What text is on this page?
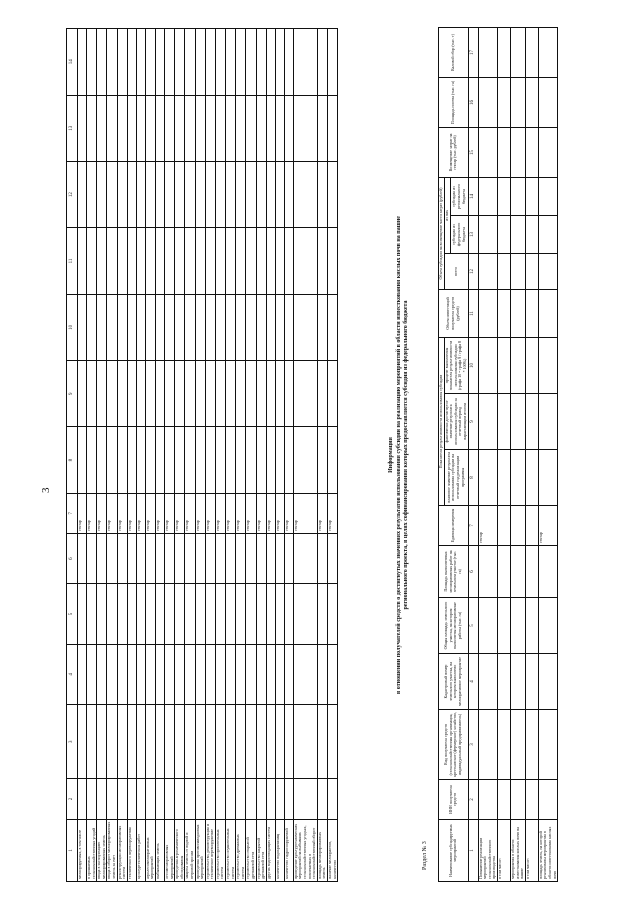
3
1	2	3	4	5	6	7	8	9	10	11	12	13	14
мелиорируемых, в том числе						гектар							
в орошаемых сельскохозяйственных угодий						гектар							
ввода в эксплуатацию мелиорированных земель						гектар							
ввода в оборот мелиорированных земель за счет						гектар							
реконструкции мелиоративных систем						гектар							
технического перевооружения						гектар							
культуртехнических работ						гектар							
агролесомелиоративных мероприятий						гектар							
выбывающих земель						гектар							
лесомелиоративных мероприятий						гектар							
проведения агрохимического обследования						гектар							
защиты земель от водной и ветровой эрозии						гектар							
проведения противопаводковых мероприятий						гектар							
строительство, реконструкция и техническое перевооружение						гектар							
строительство оросительных систем						гектар							
строительство осушительных систем						гектар							
строительство дренажных систем						гектар							
строительство открытой дренажной сети						гектар							
строительство закрытой дренажной сети						гектар							
других водоотводящих систем						гектар							
количество водохранилищ						гектар							
количество гидросооружений						гектар							
проведение культуртехнических мероприятий на выбывших сельскохозяйственных угодьях, вовлекаемых в сельскохозяйственный оборот						гектар							
площадь мелиорированных земель						гектар							
наличие мелиорантов, количество						гектар							
Информация в отношении получателей средств о достигнутых значениях результатов использования субсидии на реализацию мероприятий в области известкования кислых почв на пашне регионального проекта, в целях софинансирования которых предоставляется субсидия из федерального бюджета
Раздел № 3	Наименование субсидируемых мероприятий	ИНН получателя средств	Вид получателя средств (сельскохозяйственная организация, крестьянское (фермерское) хозяйство, индивидуальный предприниматель)	Кадастровый номер земельного участка, на котором выполнено мелиоративное мероприятие	Общая площадь земельного участка, на котором выполнены мелиоративные работы (тыс. га)	Площадь выполненных мелиоративных работ на земельном участке (тыс. га)	Единица измерения	Показатели результативности использования субсидии			Объем инвестиций получателя средств (рублей)	Объем субсидии на возмещение части затрат (рублей)			Возмещение затрат на гектар (тыс. рублей)	Площадь посева (тыс. га)	Валовой сбор (тыс. т)
							плановое значение результата использования субсидии на отчетный год реализации программы	фактически достигнутое значение результата использования субсидии за отчетный период нарастающим итогом	процент выполнения показателя результативности использования субсидии (графа 10 = графа 9 / графа 8 * 100%)		всего	из них				
												субсидия из федерального бюджета	субсидия из регионального бюджета			
1	2	3	4	5	6	7	8	9	10	11	12	13	14	15	16	17
Повышение реализации мероприятий сельскохозяйственного производства						гектар										
в том числе:																
мероприятия в области известкования кислых почв на пашне																
в том числе:																
площадь земель, на которой реализованы мероприятия в области известкования кислых почв						гектар										
